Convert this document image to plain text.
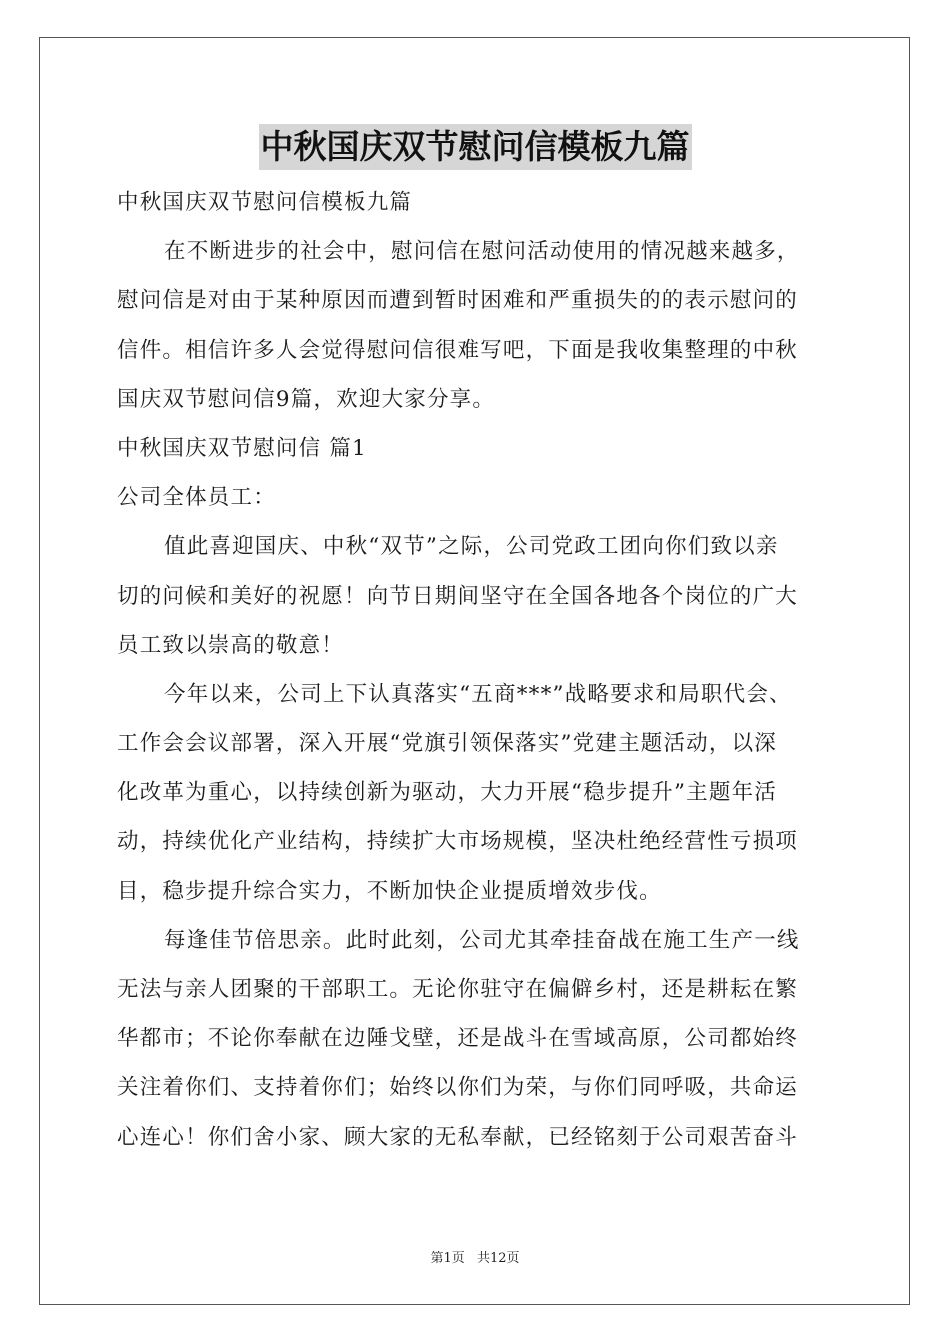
中秋国庆双节慰问信模板九篇
中秋国庆双节慰问信模板九篇
在不断进步的社会中，慰问信在慰问活动使用的情况越来越多，
慰问信是对由于某种原因而遭到暂时困难和严重损失的的表示慰问的
信件。相信许多人会觉得慰问信很难写吧，下面是我收集整理的中秋
国庆双节慰问信9篇，欢迎大家分享。
中秋国庆双节慰问信 篇1
公司全体员工：
值此喜迎国庆、中秋“双节”之际，公司党政工团向你们致以亲
切的问候和美好的祝愿！向节日期间坚守在全国各地各个岗位的广大
员工致以崇高的敬意！
今年以来，公司上下认真落实“五商***”战略要求和局职代会、
工作会会议部署，深入开展“党旗引领保落实”党建主题活动，以深
化改革为重心，以持续创新为驱动，大力开展“稳步提升”主题年活
动，持续优化产业结构，持续扩大市场规模，坚决杜绝经营性亏损项
目，稳步提升综合实力，不断加快企业提质增效步伐。
每逢佳节倍思亲。此时此刻，公司尤其牵挂奋战在施工生产一线
无法与亲人团聚的干部职工。无论你驻守在偏僻乡村，还是耕耘在繁
华都市；不论你奉献在边陲戈壁，还是战斗在雪域高原，公司都始终
关注着你们、支持着你们；始终以你们为荣，与你们同呼吸，共命运
心连心！你们舍小家、顾大家的无私奉献，已经铭刻于公司艰苦奋斗
第1页 共12页
